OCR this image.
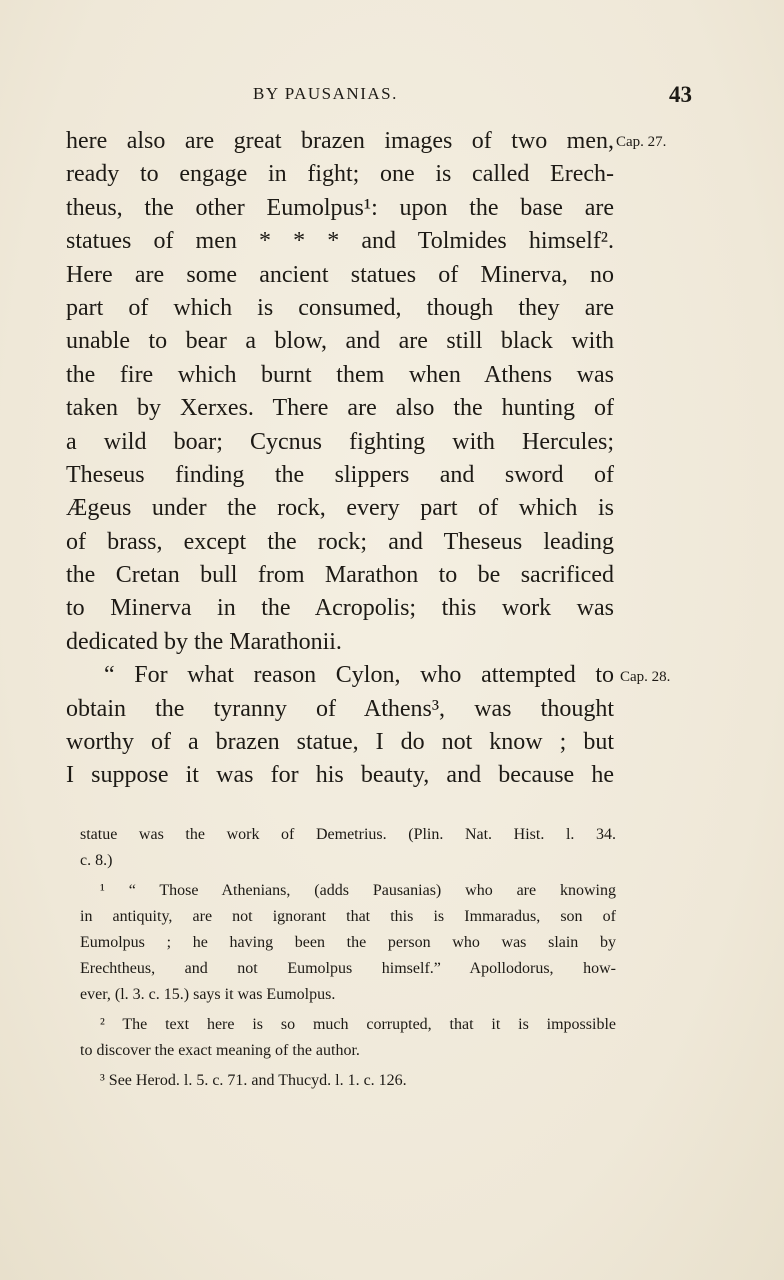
BY PAUSANIAS.	43
Cap. 27.
Cap. 28.
here also are great brazen images of two men,
ready to engage in fight; one is called Erech-
theus, the other Eumolpus¹: upon the base are
statues of men * * * and Tolmides himself².
Here are some ancient statues of Minerva, no
part of which is consumed, though they are
unable to bear a blow, and are still black with
the fire which burnt them when Athens was
taken by Xerxes. There are also the hunting of
a wild boar; Cycnus fighting with Hercules;
Theseus finding the slippers and sword of
Ægeus under the rock, every part of which is
of brass, except the rock; and Theseus leading
the Cretan bull from Marathon to be sacrificed
to Minerva in the Acropolis; this work was
dedicated by the Marathonii.
“ For what reason Cylon, who attempted to
obtain the tyranny of Athens³, was thought
worthy of a brazen statue, I do not know ; but
I suppose it was for his beauty, and because he
statue was the work of Demetrius. (Plin. Nat. Hist. l. 34.
c. 8.)
¹ “ Those Athenians, (adds Pausanias) who are knowing
in antiquity, are not ignorant that this is Immaradus, son of
Eumolpus ; he having been the person who was slain by
Erechtheus, and not Eumolpus himself.” Apollodorus, how-
ever, (l. 3. c. 15.) says it was Eumolpus.
² The text here is so much corrupted, that it is impossible
to discover the exact meaning of the author.
³ See Herod. l. 5. c. 71. and Thucyd. l. 1. c. 126.
